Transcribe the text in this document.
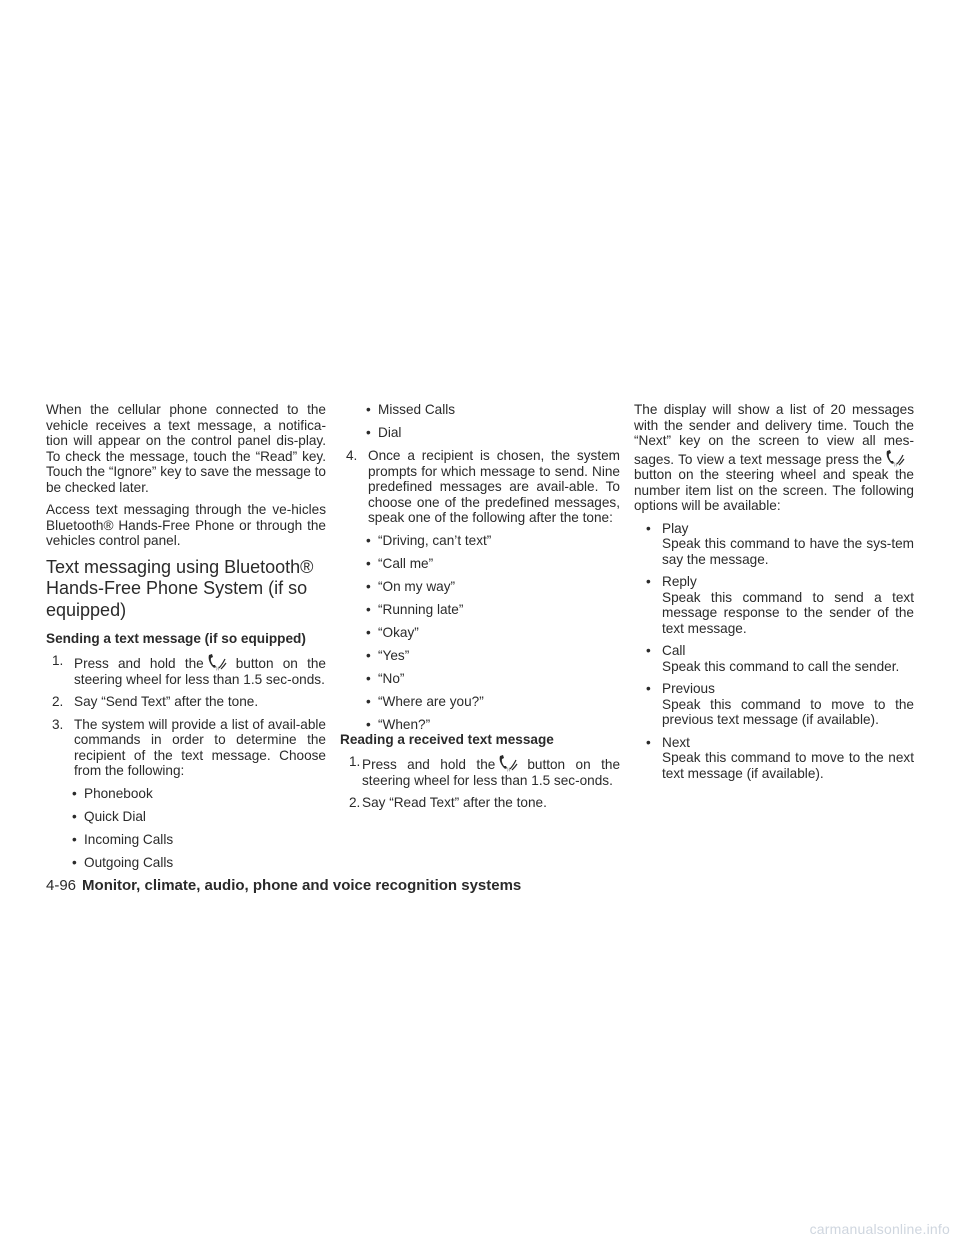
When the cellular phone connected to the vehicle receives a text message, a notifica-tion will appear on the control panel dis-play. To check the message, touch the “Read” key. Touch the “Ignore” key to save the message to be checked later.

Access text messaging through the ve-hicles Bluetooth® Hands-Free Phone or through the vehicles control panel.

Text messaging using Bluetooth® Hands-Free Phone System (if so equipped)
Sending a text message (if so equipped)
1. Press and hold the	)) button on the steering wheel for less than 1.5 sec-onds.
2. Say “Send Text” after the tone.
3. The system will provide a list of avail-able commands in order to determine the recipient of the text message. Choose from the following:
• Phonebook
• Quick Dial
• Incoming Calls
• Outgoing Calls
• Missed Calls
• Dial
4. Once a recipient is chosen, the system prompts for which message to send. Nine predefined messages are avail-able. To choose one of the predefined messages, speak one of the following after the tone:
• “Driving, can’t text”
• “Call me”
• “On my way”
• “Running late”
• “Okay”
• “Yes”
• “No”
• “Where are you?”
• “When?”
Reading a received text message
1. Press and hold the	)) button on the steering wheel for less than 1.5 sec-onds.
2. Say “Read Text” after the tone.

The display will show a list of 20 messages with the sender and delivery time. Touch the “Next” key on the screen to view all mes-sages. To view a text message press the	))
button on the steering wheel and speak the number item list on the screen. The following options will be available:

• Play
Speak this command to have the sys-tem say the message.
• Reply
Speak this command to send a text message response to the sender of the text message.
• Call
Speak this command to call the sender.
• Previous
Speak this command to move to the previous text message (if available).
• Next
Speak this command to move to the next text message (if available).
4-96 Monitor, climate, audio, phone and voice recognition systems
carmanualsonline.info
